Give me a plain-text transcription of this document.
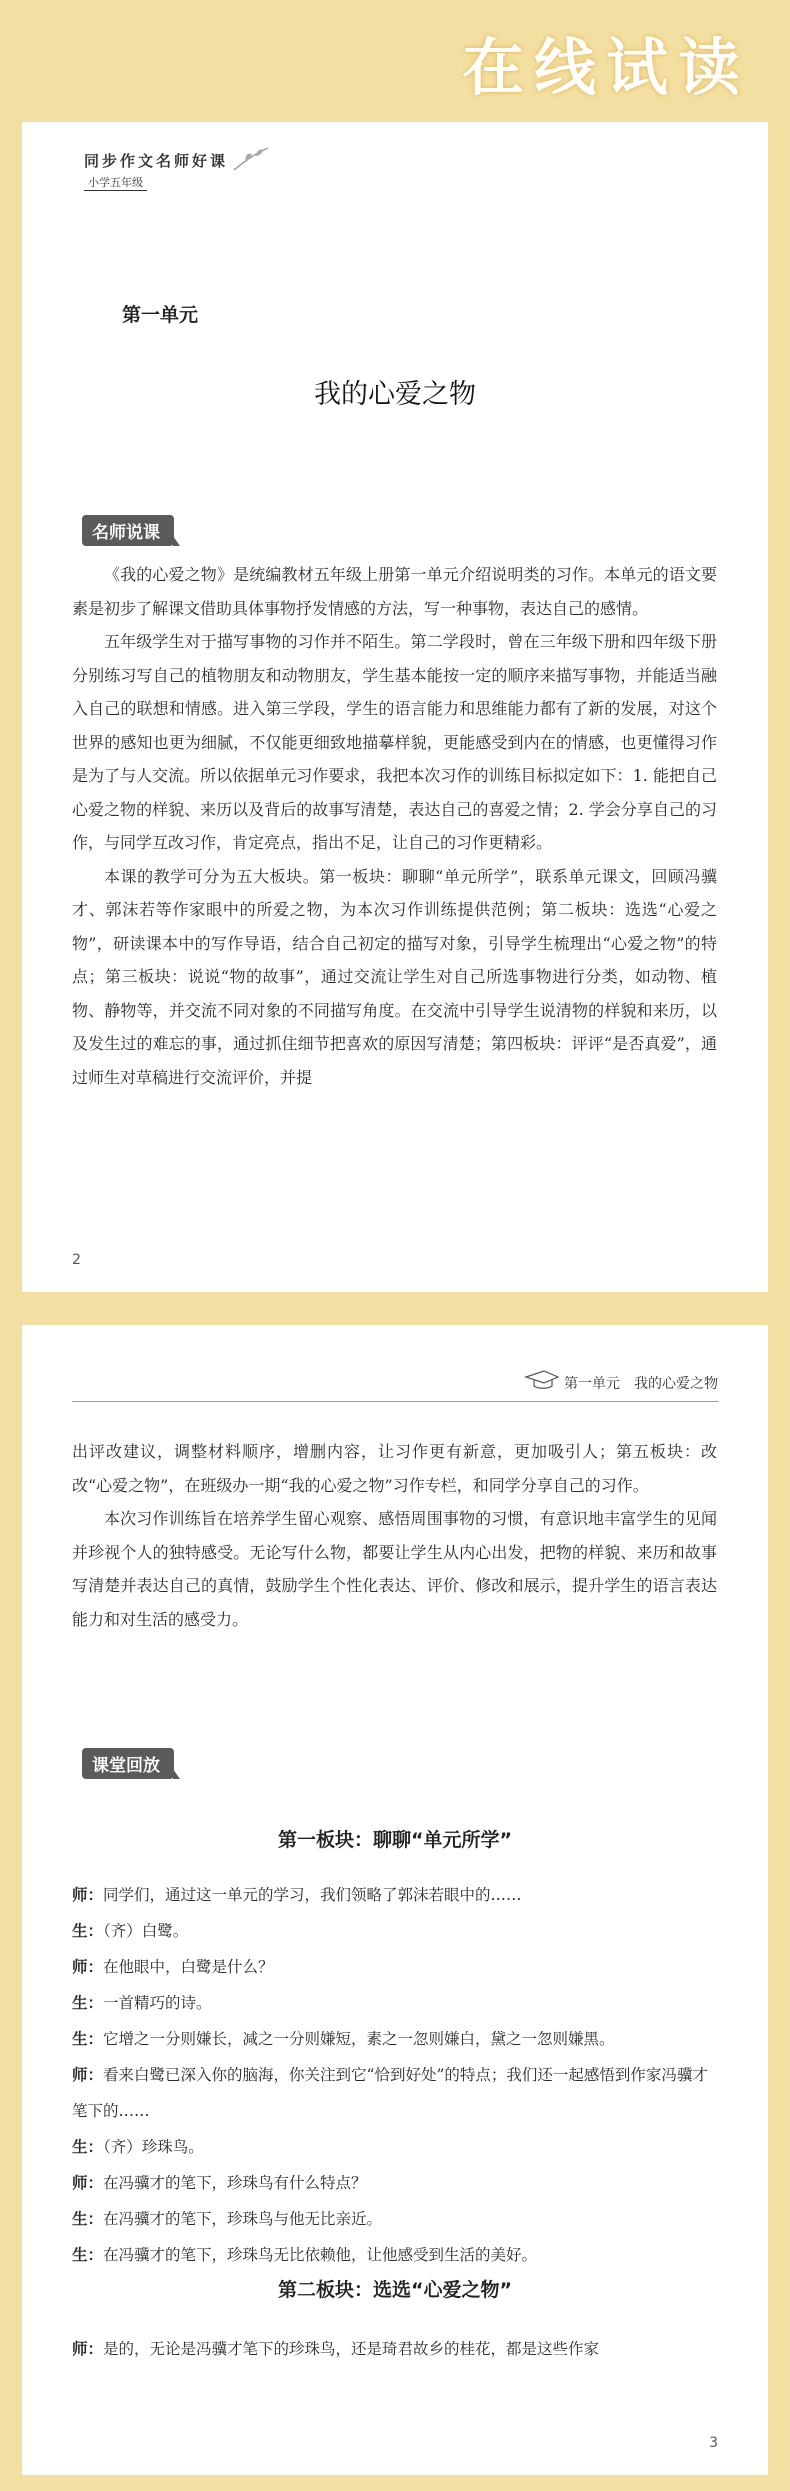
在线试读
同步作文名师好课
小学五年级
第一单元
我的心爱之物
名师说课

《我的心爱之物》是统编教材五年级上册第一单元介绍说明类的习作。本单元的语文要素是初步了解课文借助具体事物抒发情感的方法，写一种事物，表达自己的感情。

五年级学生对于描写事物的习作并不陌生。第二学段时，曾在三年级下册和四年级下册分别练习写自己的植物朋友和动物朋友，学生基本能按一定的顺序来描写事物，并能适当融入自己的联想和情感。进入第三学段，学生的语言能力和思维能力都有了新的发展，对这个世界的感知也更为细腻，不仅能更细致地描摹样貌，更能感受到内在的情感，也更懂得习作是为了与人交流。所以依据单元习作要求，我把本次习作的训练目标拟定如下：1. 能把自己心爱之物的样貌、来历以及背后的故事写清楚，表达自己的喜爱之情；2. 学会分享自己的习作，与同学互改习作，肯定亮点，指出不足，让自己的习作更精彩。

本课的教学可分为五大板块。第一板块：聊聊“单元所学”，联系单元课文，回顾冯骥才、郭沫若等作家眼中的所爱之物，为本次习作训练提供范例；第二板块：选选“心爱之物”，研读课本中的写作导语，结合自己初定的描写对象，引导学生梳理出“心爱之物”的特点；第三板块：说说“物的故事”，通过交流让学生对自己所选事物进行分类，如动物、植物、静物等，并交流不同对象的不同描写角度。在交流中引导学生说清物的样貌和来历，以及发生过的难忘的事，通过抓住细节把喜欢的原因写清楚；第四板块：评评“是否真爱”，通过师生对草稿进行交流评价，并提

2
第一单元　我的心爱之物

出评改建议，调整材料顺序，增删内容，让习作更有新意，更加吸引人；第五板块：改改“心爱之物”，在班级办一期“我的心爱之物”习作专栏，和同学分享自己的习作。

本次习作训练旨在培养学生留心观察、感悟周围事物的习惯，有意识地丰富学生的见闻并珍视个人的独特感受。无论写什么物，都要让学生从内心出发，把物的样貌、来历和故事写清楚并表达自己的真情，鼓励学生个性化表达、评价、修改和展示，提升学生的语言表达能力和对生活的感受力。

课堂回放
第一板块：聊聊“单元所学”

师：同学们，通过这一单元的学习，我们领略了郭沫若眼中的……

生：（齐）白鹭。

师：在他眼中，白鹭是什么？

生：一首精巧的诗。

生：它增之一分则嫌长，减之一分则嫌短，素之一忽则嫌白，黛之一忽则嫌黑。

师：看来白鹭已深入你的脑海，你关注到它“恰到好处”的特点；我们还一起感悟到作家冯骥才笔下的……

生：（齐）珍珠鸟。

师：在冯骥才的笔下，珍珠鸟有什么特点？

生：在冯骥才的笔下，珍珠鸟与他无比亲近。

生：在冯骥才的笔下，珍珠鸟无比依赖他，让他感受到生活的美好。

第二板块：选选“心爱之物”

师：是的，无论是冯骥才笔下的珍珠鸟，还是琦君故乡的桂花，都是这些作家

3
